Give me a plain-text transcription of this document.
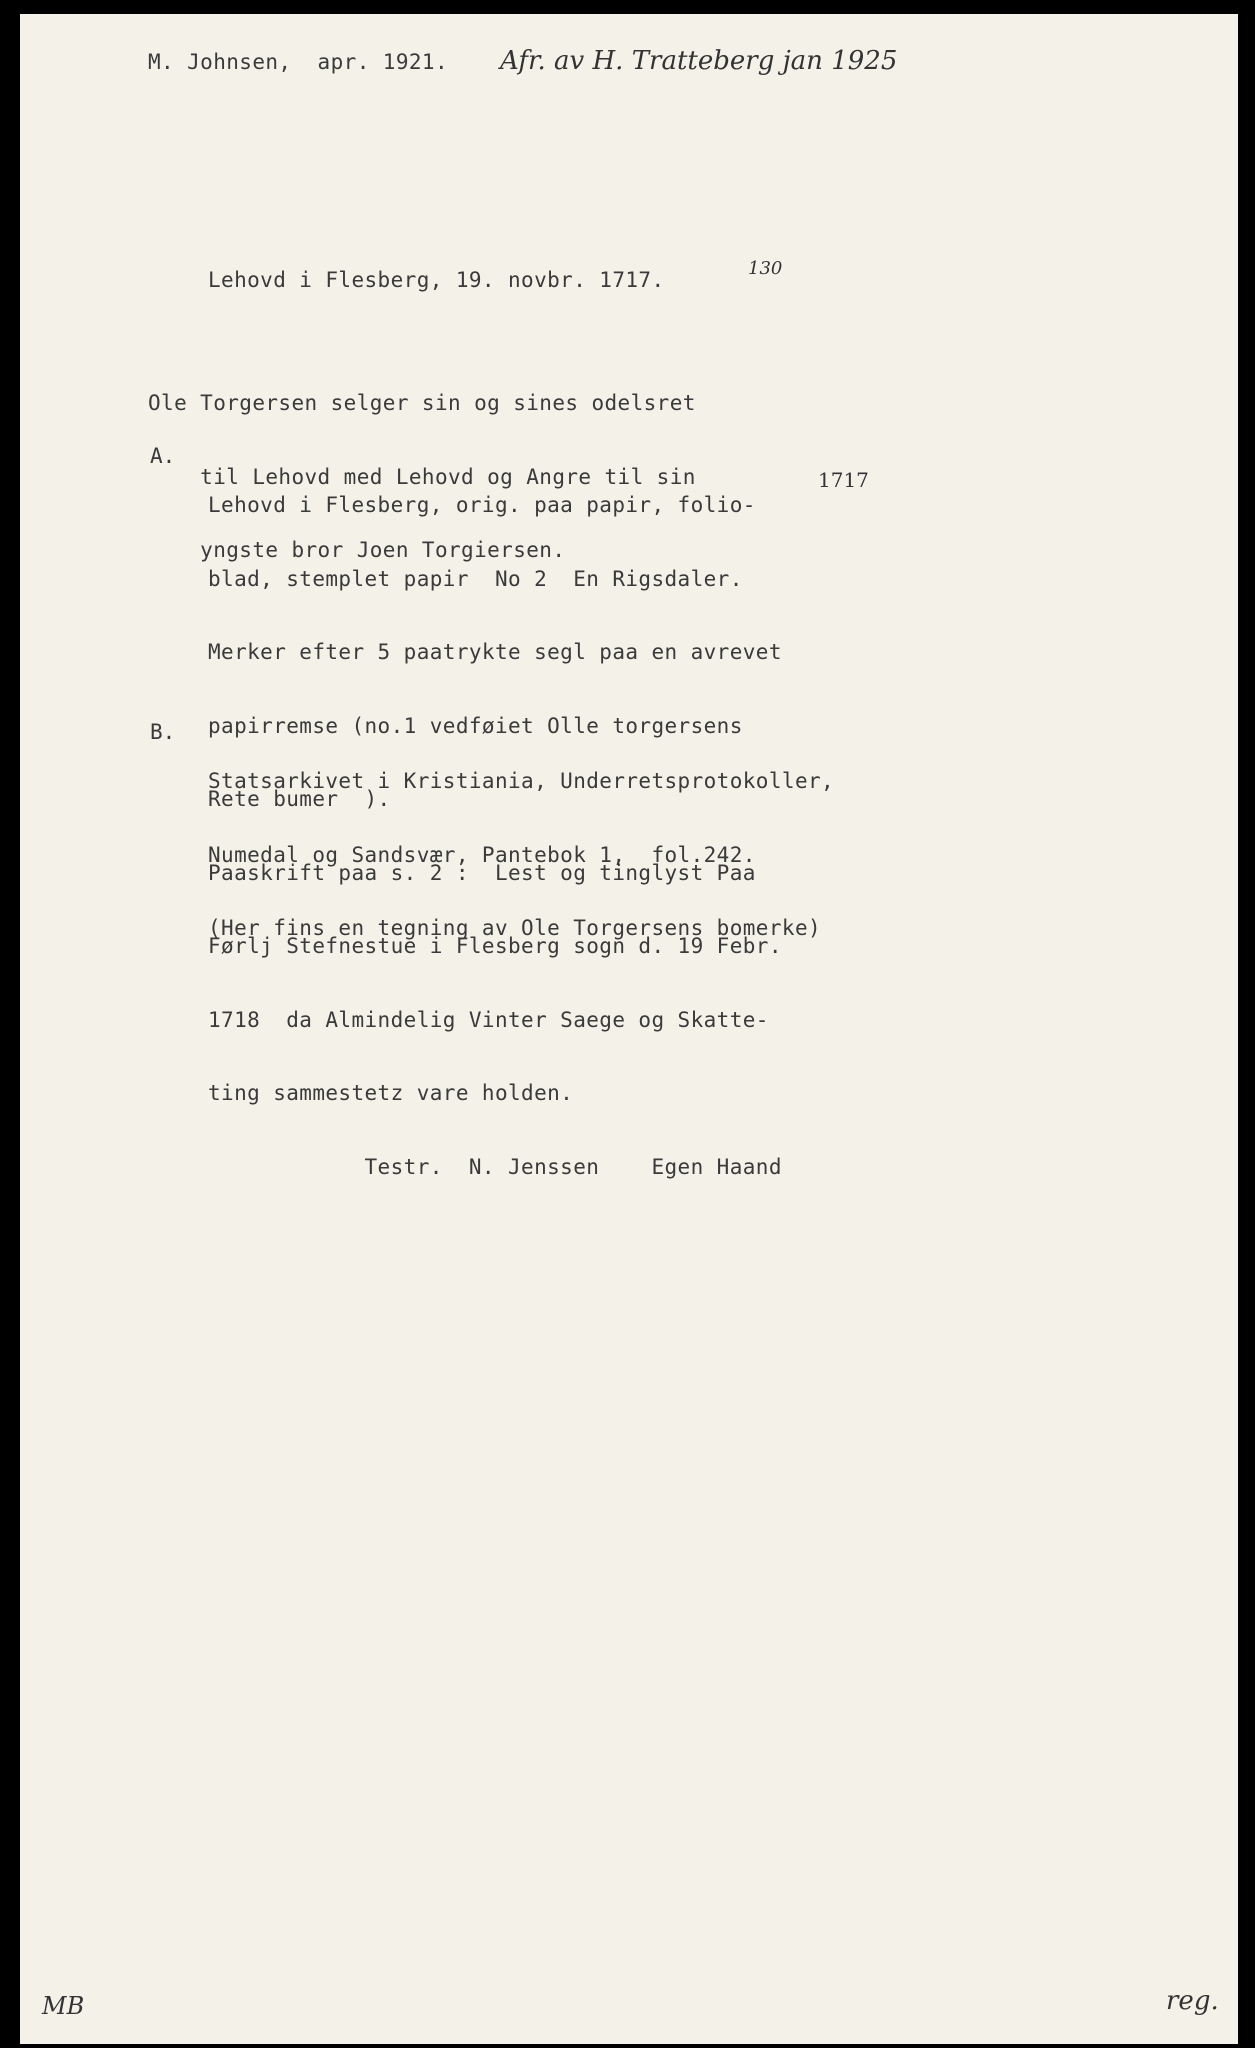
M. Johnsen,  apr. 1921. Afr. av H. Tratteberg jan 1925
Lehovd i Flesberg, 19. novbr. 1717.	130

Ole Torgersen selger sin og sines odelsret

til Lehovd med Lehovd og Angre til sin

yngste bror Joen Torgiersen.

A.

Lehovd i Flesberg, orig. paa papir, folio-

blad, stemplet papir  No 2  En Rigsdaler.

Merker efter 5 paatrykte segl paa en avrevet

papirremse (no.1 vedføiet Olle torgersens

Rete bumer  ).

Paaskrift paa s. 2 :  Lest og tinglyst Paa

Førlj Stefnestue i Flesberg sogn d. 19 Febr.

1718  da Almindelig Vinter Saege og Skatte-

ting sammestetz vare holden.

Testr.  N. Jenssen    Egen Haand

1717
B.

Statsarkivet i Kristiania, Underretsprotokoller,

Numedal og Sandsvær, Pantebok 1,  fol.242.

(Her fins en tegning av Ole Torgersens bomerke)

MB	reg.
